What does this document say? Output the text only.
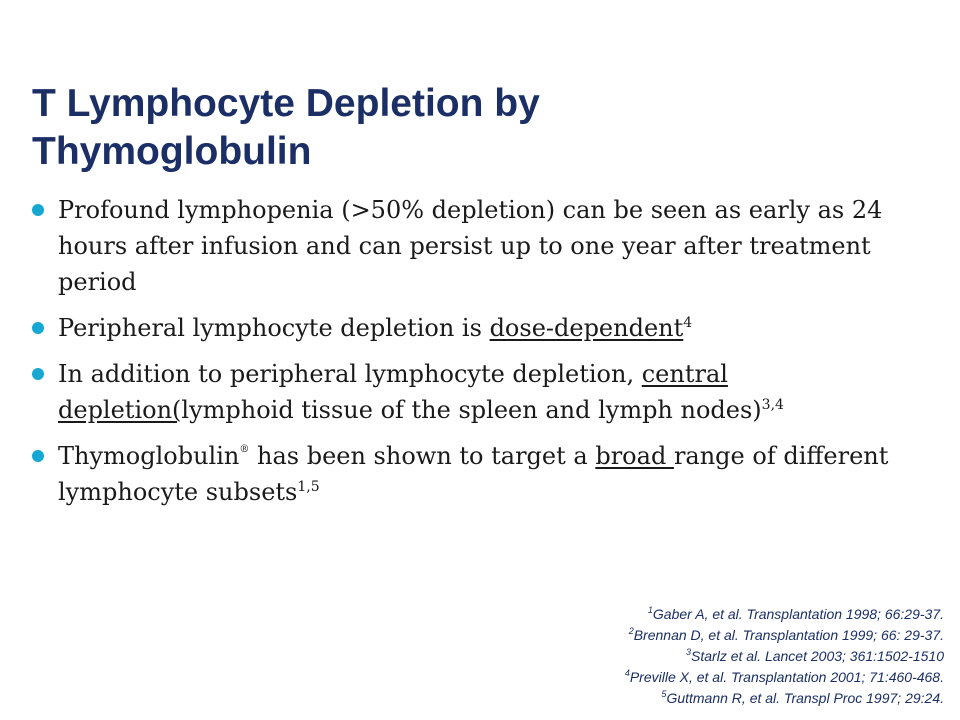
T Lymphocyte Depletion by
Thymoglobulin
Profound lymphopenia (>50% depletion) can be seen as early as 24 hours after infusion and can persist up to one year after treatment period
Peripheral lymphocyte depletion is dose-dependent$^4$
In addition to peripheral lymphocyte depletion, central depletion(lymphoid tissue of the spleen and lymph nodes)$^{3,4}$
Thymoglobulin® has been shown to target a broad range of different lymphocyte subsets$^{1,5}$
$^1$Gaber A, et al. Transplantation 1998; 66:29-37.
$^2$Brennan D, et al. Transplantation 1999; 66: 29-37.
$^3$Starlz et al. Lancet 2003; 361:1502-1510
$^4$Preville X, et al. Transplantation 2001; 71:460-468.
$^5$Guttmann R, et al. Transpl Proc 1997; 29:24.
